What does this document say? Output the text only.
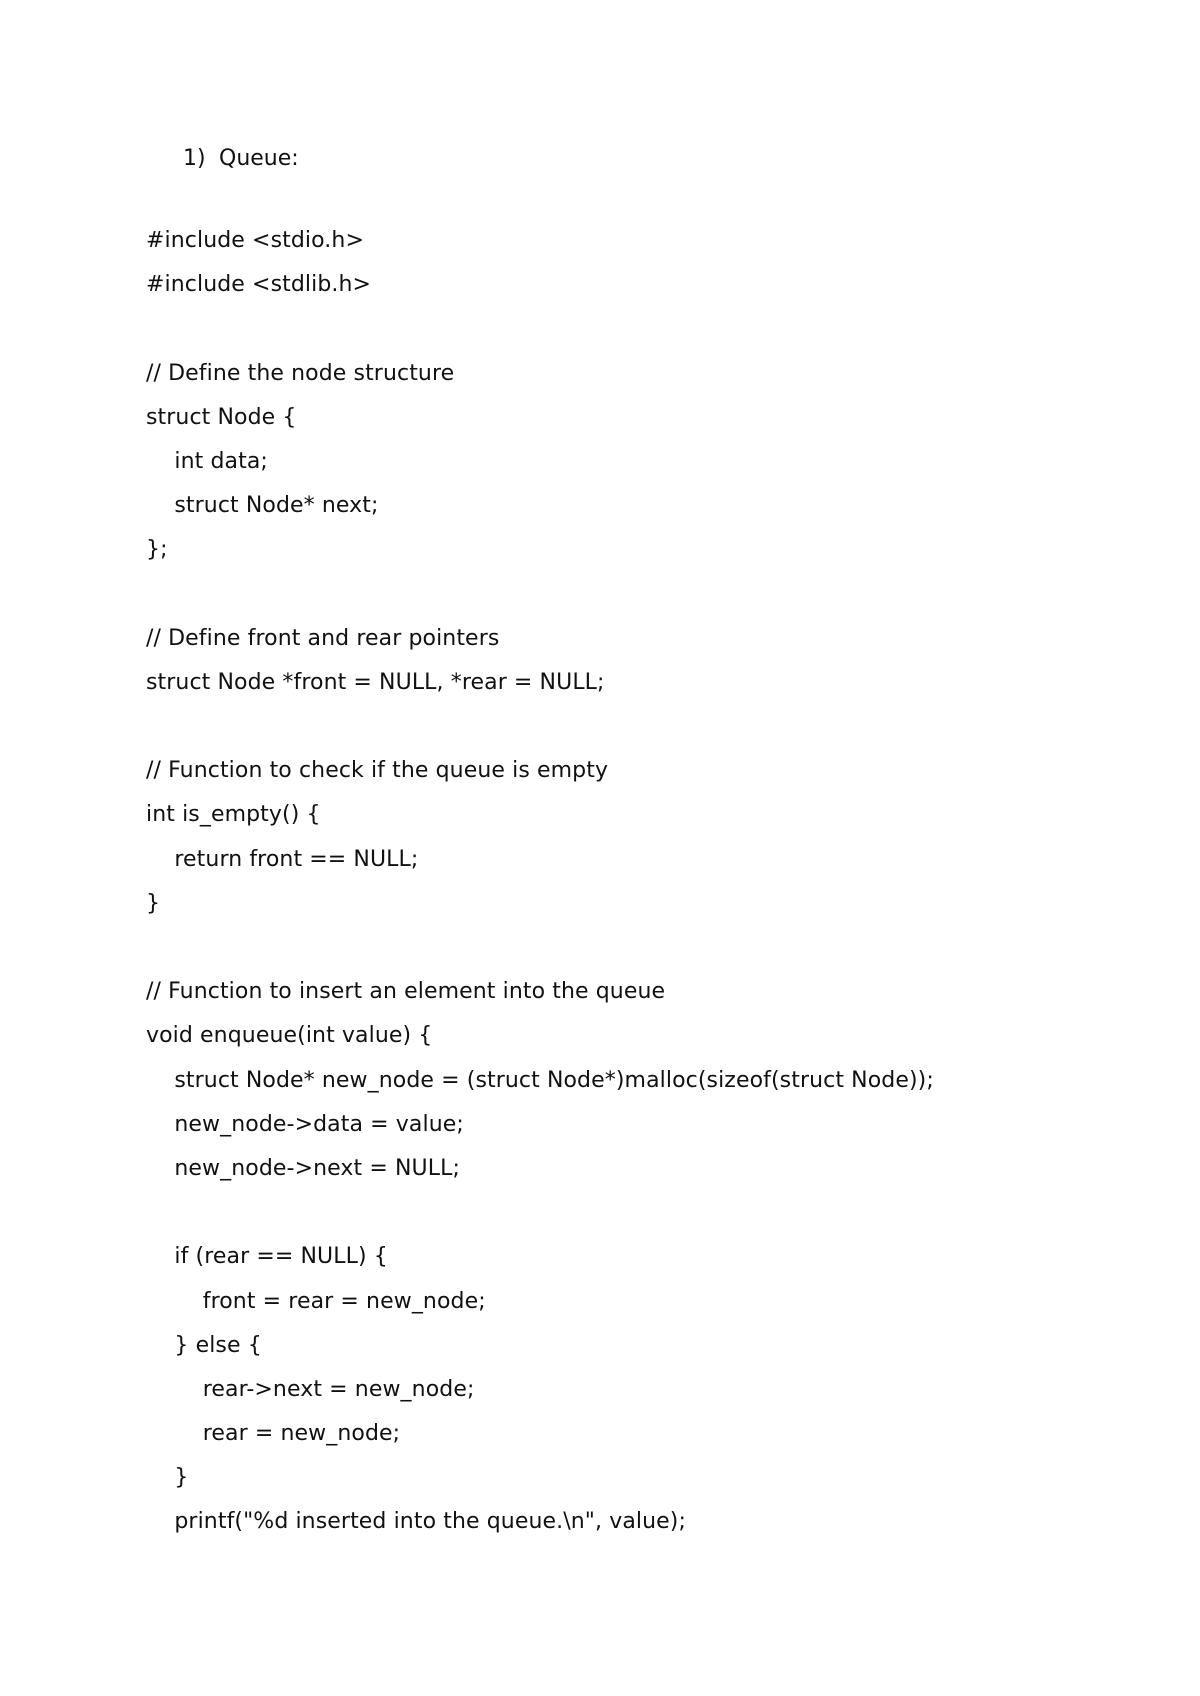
1) Queue:
#include <stdio.h>
#include <stdlib.h>
// Define the node structure
struct Node {
int data;
struct Node* next;
};
// Define front and rear pointers
struct Node *front = NULL, *rear = NULL;
// Function to check if the queue is empty
int is_empty() {
return front == NULL;
}
// Function to insert an element into the queue
void enqueue(int value) {
struct Node* new_node = (struct Node*)malloc(sizeof(struct Node));
new_node->data = value;
new_node->next = NULL;
if (rear == NULL) {
front = rear = new_node;
} else {
rear->next = new_node;
rear = new_node;
}
printf("%d inserted into the queue.\n", value);
